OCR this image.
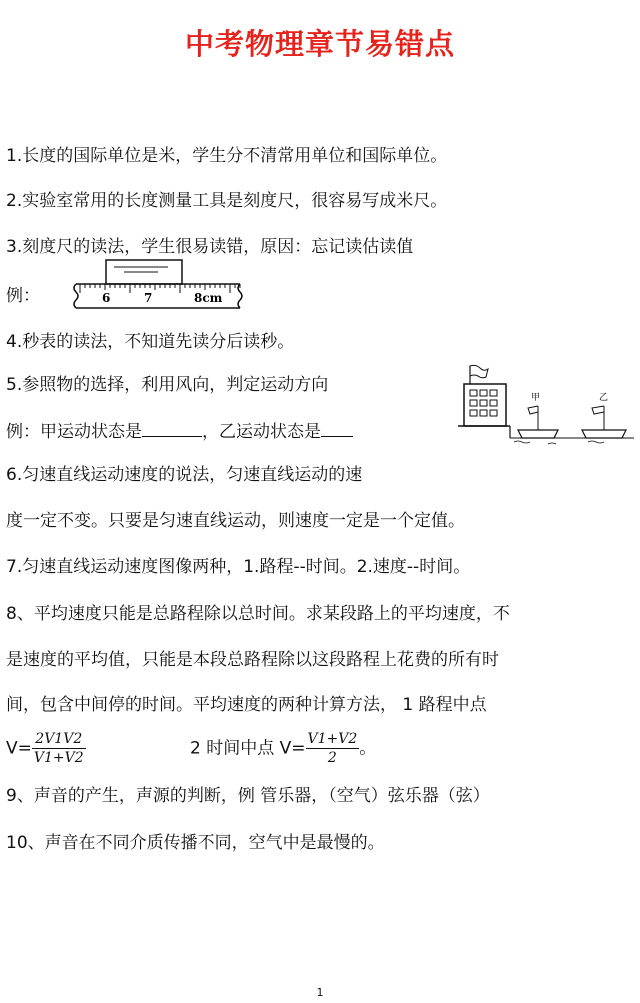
中考物理章节易错点
1.长度的国际单位是米，学生分不清常用单位和国际单位。
2.实验室常用的长度测量工具是刻度尺，很容易写成米尺。
3.刻度尺的读法，学生很易读错，原因：忘记读估读值
例：	6	7	8cm
4.秒表的读法，不知道先读分后读秒。
5.参照物的选择，利用风向，判定运动方向
例：甲运动状态是	，乙运动状态是
甲	乙
6.匀速直线运动速度的说法，匀速直线运动的速
度一定不变。只要是匀速直线运动，则速度一定是一个定值。
7.匀速直线运动速度图像两种，1.路程--时间。2.速度--时间。
8、平均速度只能是总路程除以总时间。求某段路上的平均速度，不
是速度的平均值，只能是本段总路程除以这段路程上花费的所有时
间，包含中间停的时间。平均速度的两种计算方法， 1 路程中点
$V= \frac{2V1V2}{V1+V2}$	2 时间中点 $V= \frac{V1+V2}{2}$ 。
9、声音的产生，声源的判断，例 管乐器，（空气）弦乐器（弦）
10、声音在不同介质传播不同，空气中是最慢的。
1
